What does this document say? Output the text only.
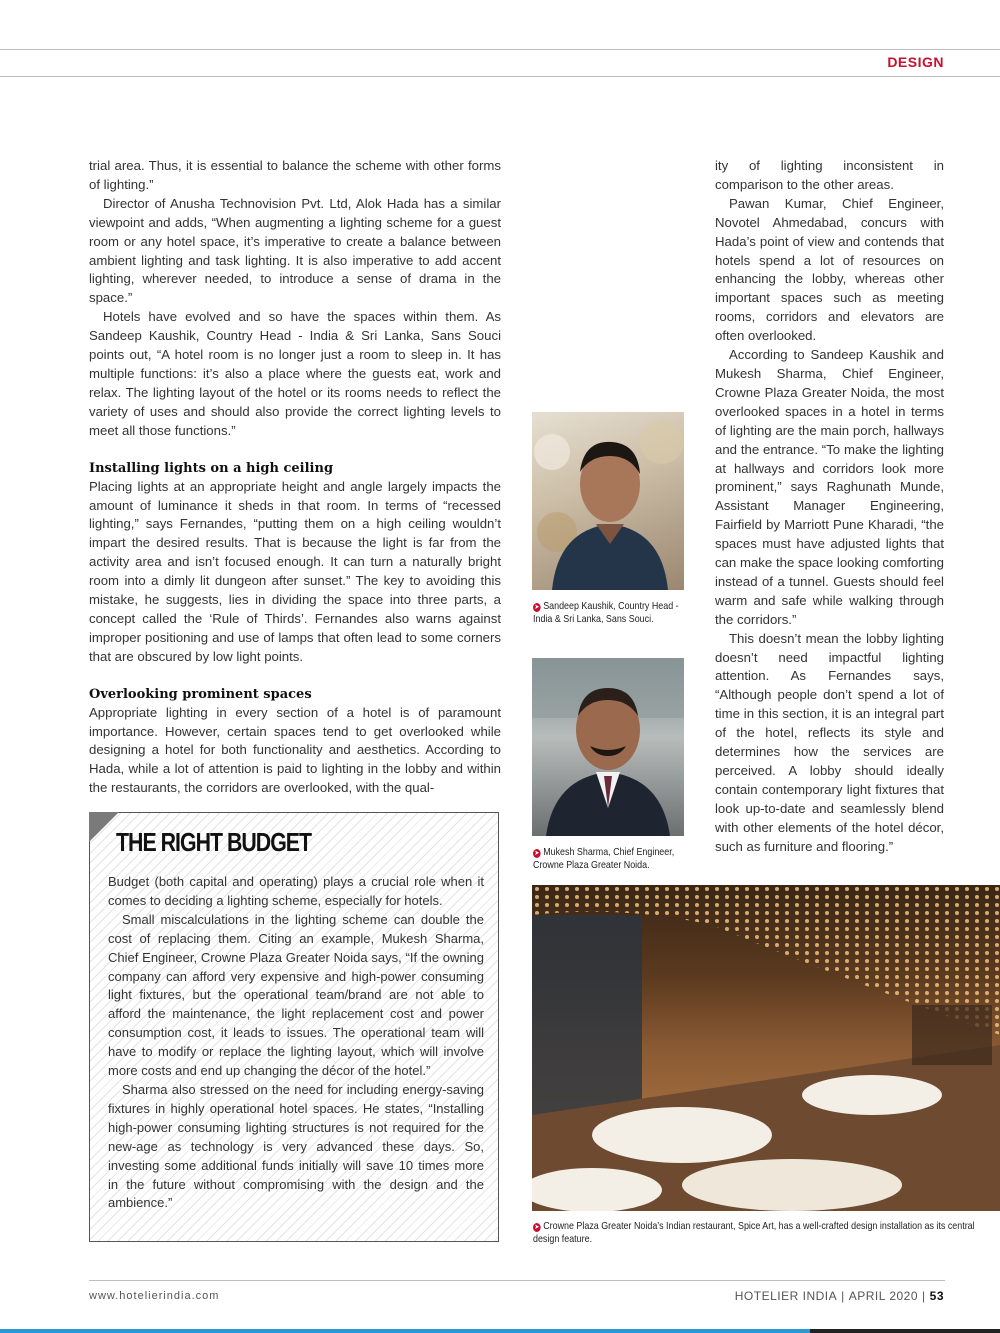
DESIGN

trial area. Thus, it is essential to balance the scheme with other forms of lighting.”

Director of Anusha Technovision Pvt. Ltd, Alok Hada has a similar viewpoint and adds, “When augmenting a lighting scheme for a guest room or any hotel space, it’s imperative to create a balance between ambient lighting and task lighting. It is also imperative to add accent lighting, wherever needed, to introduce a sense of drama in the space.”

Hotels have evolved and so have the spaces within them. As Sandeep Kaushik, Country Head - India & Sri Lanka, Sans Souci points out, “A hotel room is no longer just a room to sleep in. It has multiple functions: it’s also a place where the guests eat, work and relax. The lighting layout of the hotel or its rooms needs to reflect the variety of uses and should also provide the correct lighting levels to meet all those functions.”

Installing lights on a high ceiling

Placing lights at an appropriate height and angle largely impacts the amount of luminance it sheds in that room. In terms of “recessed lighting,” says Fernandes, “putting them on a high ceiling wouldn’t impart the desired results. That is because the light is far from the activity area and isn’t focused enough. It can turn a naturally bright room into a dimly lit dungeon after sunset.” The key to avoiding this mistake, he suggests, lies in dividing the space into three parts, a concept called the ‘Rule of Thirds’. Fernandes also warns against improper positioning and use of lamps that often lead to some corners that are obscured by low light points.

Overlooking prominent spaces

Appropriate lighting in every section of a hotel is of paramount importance. However, certain spaces tend to get overlooked while designing a hotel for both functionality and aesthetics. According to Hada, while a lot of attention is paid to lighting in the lobby and within the restaurants, the corridors are overlooked, with the qual-

ity of lighting inconsistent in comparison to the other areas.

Pawan Kumar, Chief Engineer, Novotel Ahmedabad, concurs with Hada’s point of view and contends that hotels spend a lot of resources on enhancing the lobby, whereas other important spaces such as meeting rooms, corridors and elevators are often overlooked.

According to Sandeep Kaushik and Mukesh Sharma, Chief Engineer, Crowne Plaza Greater Noida, the most overlooked spaces in a hotel in terms of lighting are the main porch, hallways and the entrance. “To make the lighting at hallways and corridors look more prominent,” says Raghunath Munde, Assistant Manager Engineering, Fairfield by Marriott Pune Kharadi, “the spaces must have adjusted lights that can make the space looking comforting instead of a tunnel. Guests should feel warm and safe while walking through the corridors.”

This doesn’t mean the lobby lighting doesn’t need impactful lighting attention. As Fernandes says, “Although people don’t spend a lot of time in this section, it is an integral part of the hotel, reflects its style and determines how the services are perceived. A lobby should ideally contain contemporary light fixtures that look up-to-date and seamlessly blend with other elements of the hotel décor, such as furniture and flooring.”

THE RIGHT BUDGET

Budget (both capital and operating) plays a crucial role when it comes to deciding a lighting scheme, especially for hotels.

Small miscalculations in the lighting scheme can double the cost of replacing them. Citing an example, Mukesh Sharma, Chief Engineer, Crowne Plaza Greater Noida says, “If the owning company can afford very expensive and high-power consuming light fixtures, but the operational team/brand are not able to afford the maintenance, the light replacement cost and power consumption cost, it leads to issues. The operational team will have to modify or replace the lighting layout, which will involve more costs and end up changing the décor of the hotel.”

Sharma also stressed on the need for including energy-saving fixtures in highly operational hotel spaces. He states, “Installing high-power consuming lighting structures is not required for the new-age as technology is very advanced these days. So, investing some additional funds initially will save 10 times more in the future without compromising with the design and the ambience.”

➤ Sandeep Kaushik, Country Head - India & Sri Lanka, Sans Souci.
➤ Mukesh Sharma, Chief Engineer, Crowne Plaza Greater Noida.
➤ Crowne Plaza Greater Noida’s Indian restaurant, Spice Art, has a well-crafted design installation as its central design feature.
www.hotelierindia.com	HOTELIER INDIA | APRIL 2020 | 53
